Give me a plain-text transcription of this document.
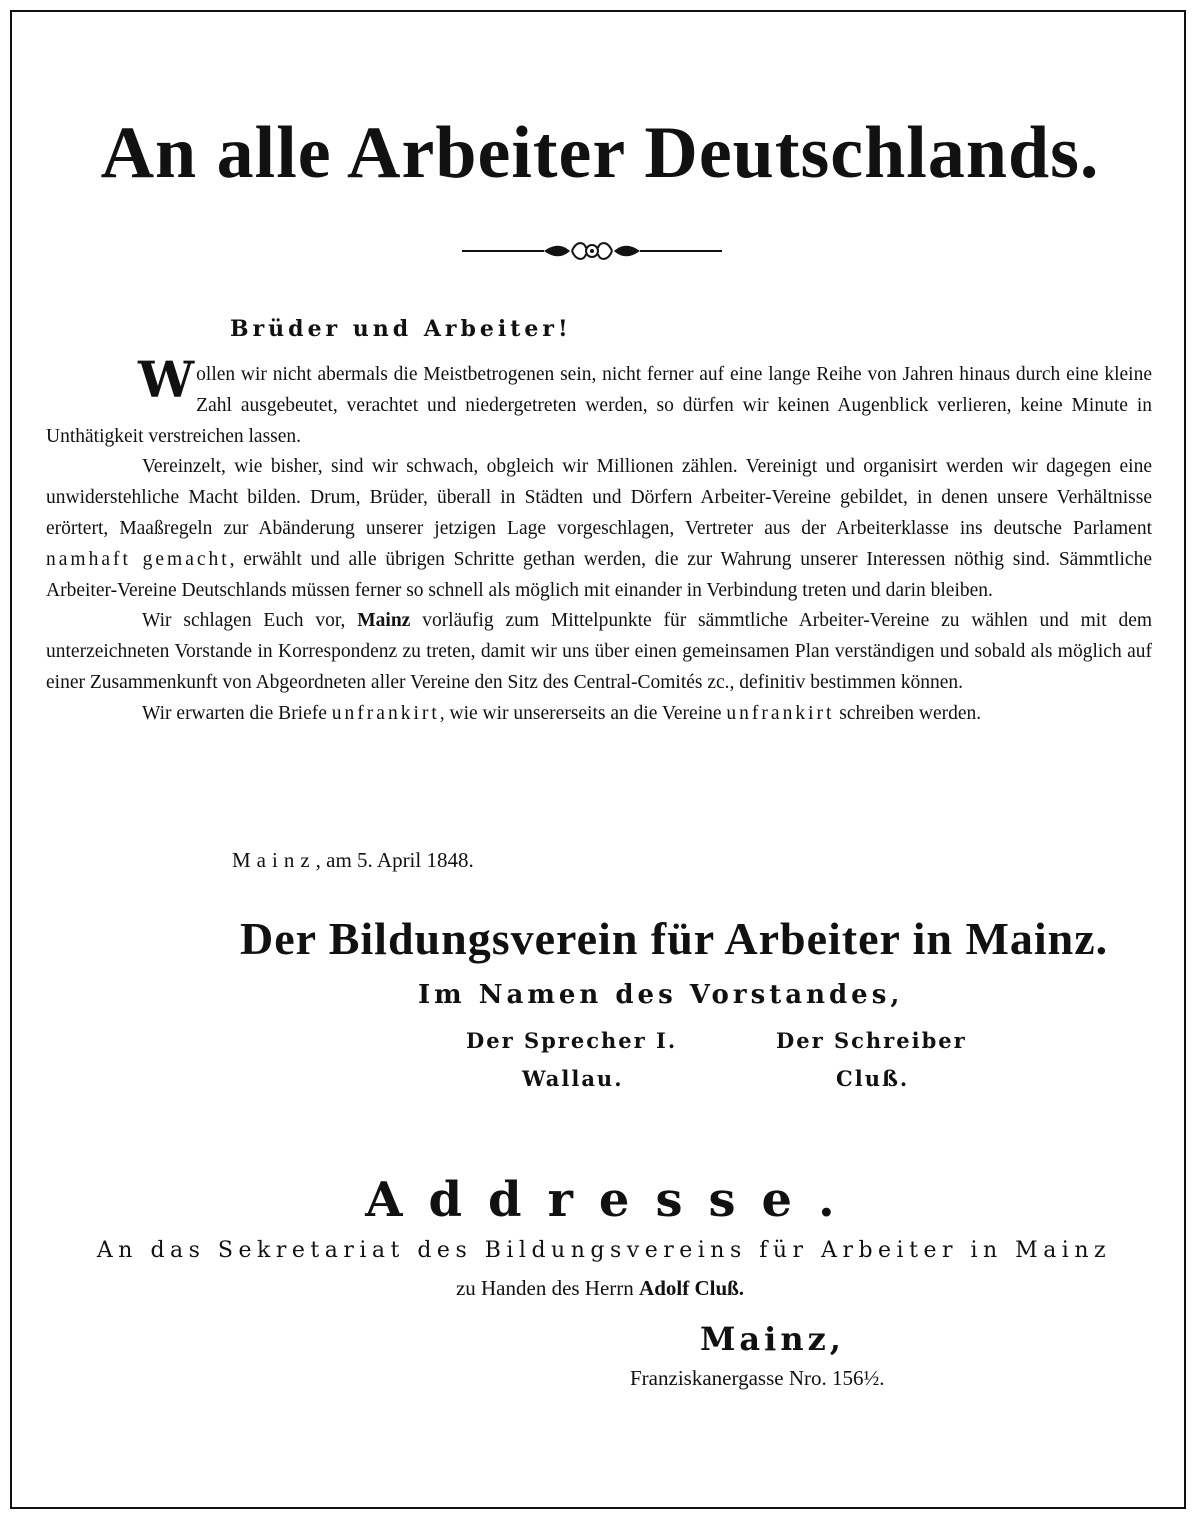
An alle Arbeiter Deutschlands.
Brüder und Arbeiter!

Wollen wir nicht abermals die Meistbetrogenen sein, nicht ferner auf eine lange Reihe von Jahren hinaus durch eine kleine Zahl ausgebeutet, verachtet und niedergetreten werden, so dürfen wir keinen Augenblick verlieren, keine Minute in Unthätigkeit verstreichen lassen.

Vereinzelt, wie bisher, sind wir schwach, obgleich wir Millionen zählen. Vereinigt und organisirt werden wir dagegen eine unwiderstehliche Macht bilden. Drum, Brüder, überall in Städten und Dörfern Arbeiter-Vereine gebildet, in denen unsere Verhältnisse erörtert, Maaßregeln zur Abänderung unserer jetzigen Lage vorgeschlagen, Vertreter aus der Arbeiterklasse ins deutsche Parlament namhaft gemacht, erwählt und alle übrigen Schritte gethan werden, die zur Wahrung unserer Interessen nöthig sind. Sämmtliche Arbeiter-Vereine Deutschlands müssen ferner so schnell als möglich mit einander in Verbindung treten und darin bleiben.

Wir schlagen Euch vor, Mainz vorläufig zum Mittelpunkte für sämmtliche Arbeiter-Vereine zu wählen und mit dem unterzeichneten Vorstande in Korrespondenz zu treten, damit wir uns über einen gemeinsamen Plan verständigen und sobald als möglich auf einer Zusammenkunft von Abgeordneten aller Vereine den Sitz des Central-Comités zc., definitiv bestimmen können.

Wir erwarten die Briefe unfrankirt, wie wir unsererseits an die Vereine unfrankirt schreiben werden.

Mainz, am 5. April 1848.
Der Bildungsverein für Arbeiter in Mainz.
Im Namen des Vorstandes,
Der Sprecher I.
Wallau.
Der Schreiber
Cluß.
Addresse.
An das Sekretariat des Bildungsvereins für Arbeiter in Mainz
zu Handen des Herrn Adolf Cluß.
Mainz,
Franziskanergasse Nro. 156½.
